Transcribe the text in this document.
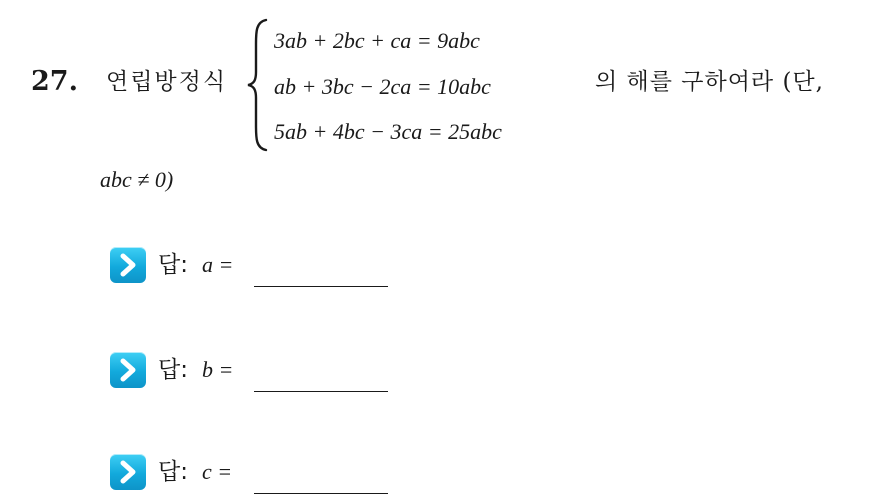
27. 연립방정식
3ab + 2bc + ca = 9abc
ab + 3bc − 2ca = 10abc
5ab + 4bc − 3ca = 25abc
의 해를 구하여라 (단,
abc ≠ 0)
답: a =
답: b =
답: c =
